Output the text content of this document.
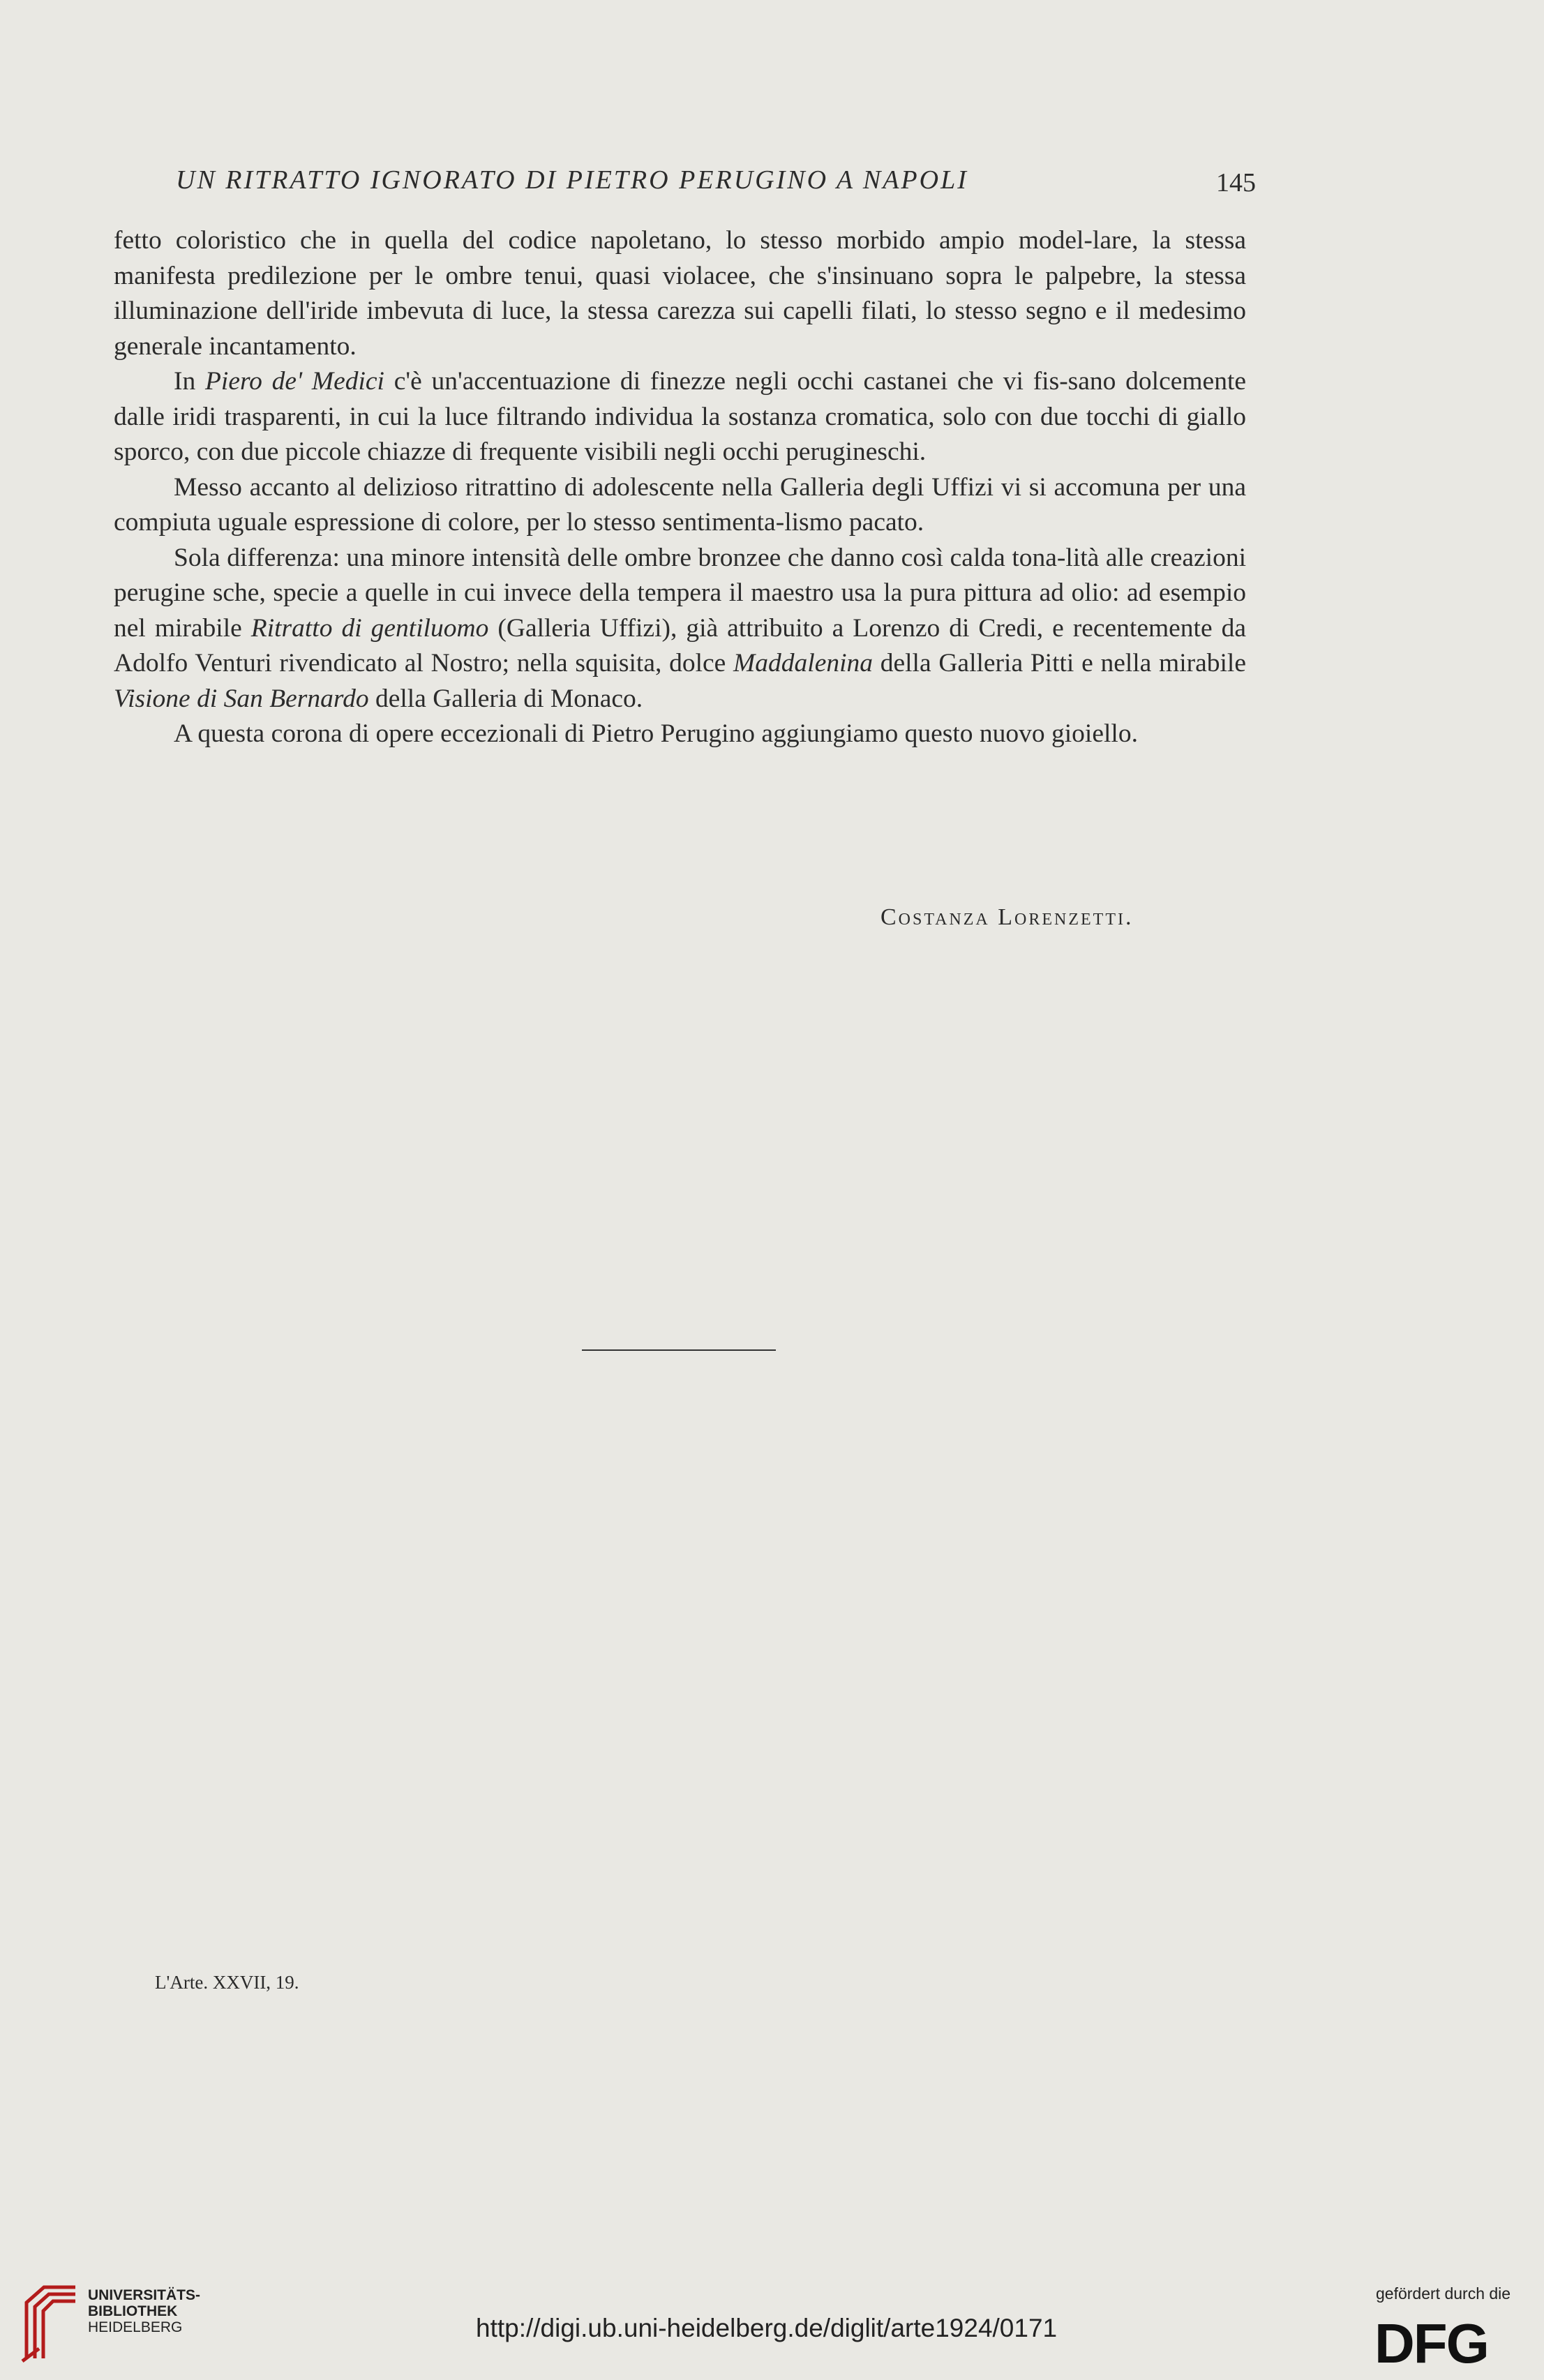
UN RITRATTO IGNORATO DI PIETRO PERUGINO A NAPOLI	145

fetto coloristico che in quella del codice napoletano, lo stesso morbido ampio model-lare, la stessa manifesta predilezione per le ombre tenui, quasi violacee, che s'insinuano sopra le palpebre, la stessa illuminazione dell'iride imbevuta di luce, la stessa carezza sui capelli filati, lo stesso segno e il medesimo generale incantamento.

In Piero de' Medici c'è un'accentuazione di finezze negli occhi castanei che vi fis-sano dolcemente dalle iridi trasparenti, in cui la luce filtrando individua la sostanza cromatica, solo con due tocchi di giallo sporco, con due piccole chiazze di frequente visibili negli occhi perugineschi.

Messo accanto al delizioso ritrattino di adolescente nella Galleria degli Uffizi vi si accomuna per una compiuta uguale espressione di colore, per lo stesso sentimenta-lismo pacato.

Sola differenza: una minore intensità delle ombre bronzee che danno così calda tona-lità alle creazioni perugine sche, specie a quelle in cui invece della tempera il maestro usa la pura pittura ad olio: ad esempio nel mirabile Ritratto di gentiluomo (Galleria Uffizi), già attribuito a Lorenzo di Credi, e recentemente da Adolfo Venturi rivendicato al Nostro; nella squisita, dolce Maddalenina della Galleria Pitti e nella mirabile Visione di San Bernardo della Galleria di Monaco.

A questa corona di opere eccezionali di Pietro Perugino aggiungiamo questo nuovo gioiello.

Costanza Lorenzetti.
L'Arte. XXVII, 19.
UNIVERSITÄTS-
BIBLIOTHEK
HEIDELBERG	http://digi.ub.uni-heidelberg.de/diglit/arte1924/0171
gefördert durch die
DFG
